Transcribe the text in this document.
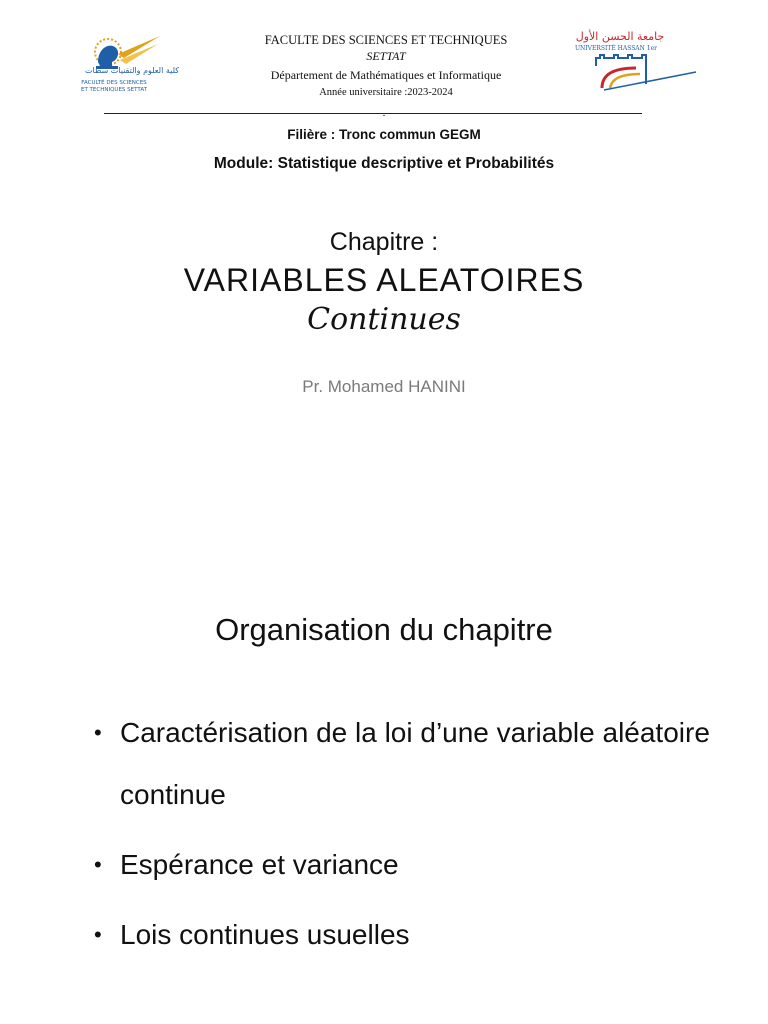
كلية العلوم والتقنيات سطات
FACULTÉ DES SCIENCES
ET TECHNIQUES SETTAT
FACULTE DES SCIENCES ET TECHNIQUES
SETTAT
Département de Mathématiques et Informatique
Année universitaire :2023-2024
جامعة الحسن الأول
UNIVERSITÉ HASSAN 1er
-
Filière : Tronc commun GEGM
Module: Statistique descriptive et Probabilités
Chapitre :
VARIABLES ALEATOIRES
Continues
Pr. Mohamed HANINI
Organisation du chapitre
• Caractérisation de la loi d’une variable aléatoire continue
• Espérance et variance
• Lois continues usuelles
